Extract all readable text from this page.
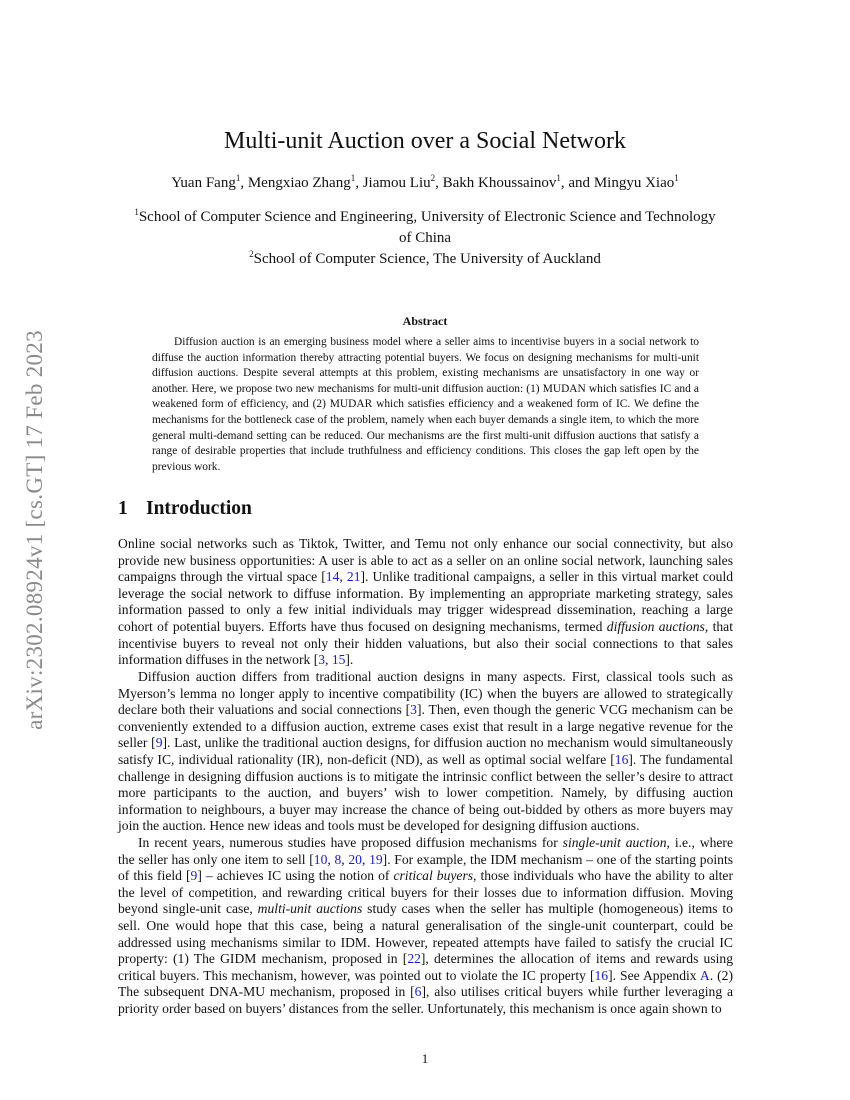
arXiv:2302.08924v1 [cs.GT] 17 Feb 2023
Multi-unit Auction over a Social Network
Yuan Fang$^1$, Mengxiao Zhang$^1$, Jiamou Liu$^2$, Bakh Khoussainov$^1$, and Mingyu Xiao$^1$
$^1$School of Computer Science and Engineering, University of Electronic Science and Technology of China
$^2$School of Computer Science, The University of Auckland
Abstract

Diffusion auction is an emerging business model where a seller aims to incentivise buyers in a social network to diffuse the auction information thereby attracting potential buyers. We focus on designing mechanisms for multi-unit diffusion auctions. Despite several attempts at this problem, existing mechanisms are unsatisfactory in one way or another. Here, we propose two new mechanisms for multi-unit diffusion auction: (1) MUDAN which satisfies IC and a weakened form of efficiency, and (2) MUDAR which satisfies efficiency and a weakened form of IC. We define the mechanisms for the bottleneck case of the problem, namely when each buyer demands a single item, to which the more general multi-demand setting can be reduced. Our mechanisms are the first multi-unit diffusion auctions that satisfy a range of desirable properties that include truthfulness and efficiency conditions. This closes the gap left open by the previous work.

1 Introduction

Online social networks such as Tiktok, Twitter, and Temu not only enhance our social connectivity, but also provide new business opportunities: A user is able to act as a seller on an online social network, launching sales campaigns through the virtual space [14, 21]. Unlike traditional campaigns, a seller in this virtual market could leverage the social network to diffuse information. By implementing an appropriate marketing strategy, sales information passed to only a few initial individuals may trigger widespread dissemination, reaching a large cohort of potential buyers. Efforts have thus focused on designing mechanisms, termed diffusion auctions, that incentivise buyers to reveal not only their hidden valuations, but also their social connections to that sales information diffuses in the network [3, 15].

Diffusion auction differs from traditional auction designs in many aspects. First, classical tools such as Myerson’s lemma no longer apply to incentive compatibility (IC) when the buyers are allowed to strategically declare both their valuations and social connections [3]. Then, even though the generic VCG mechanism can be conveniently extended to a diffusion auction, extreme cases exist that result in a large negative revenue for the seller [9]. Last, unlike the traditional auction designs, for diffusion auction no mechanism would simultaneously satisfy IC, individual rationality (IR), non-deficit (ND), as well as optimal social welfare [16]. The fundamental challenge in designing diffusion auctions is to mitigate the intrinsic conflict between the seller’s desire to attract more participants to the auction, and buyers’ wish to lower competition. Namely, by diffusing auction information to neighbours, a buyer may increase the chance of being out-bidded by others as more buyers may join the auction. Hence new ideas and tools must be developed for designing diffusion auctions.

In recent years, numerous studies have proposed diffusion mechanisms for single-unit auction, i.e., where the seller has only one item to sell [10, 8, 20, 19]. For example, the IDM mechanism – one of the starting points of this field [9] – achieves IC using the notion of critical buyers, those individuals who have the ability to alter the level of competition, and rewarding critical buyers for their losses due to information diffusion. Moving beyond single-unit case, multi-unit auctions study cases when the seller has multiple (homogeneous) items to sell. One would hope that this case, being a natural generalisation of the single-unit counterpart, could be addressed using mechanisms similar to IDM. However, repeated attempts have failed to satisfy the crucial IC property: (1) The GIDM mechanism, proposed in [22], determines the allocation of items and rewards using critical buyers. This mechanism, however, was pointed out to violate the IC property [16]. See Appendix A. (2) The subsequent DNA-MU mechanism, proposed in [6], also utilises critical buyers while further leveraging a priority order based on buyers’ distances from the seller. Unfortunately, this mechanism is once again shown to

1
